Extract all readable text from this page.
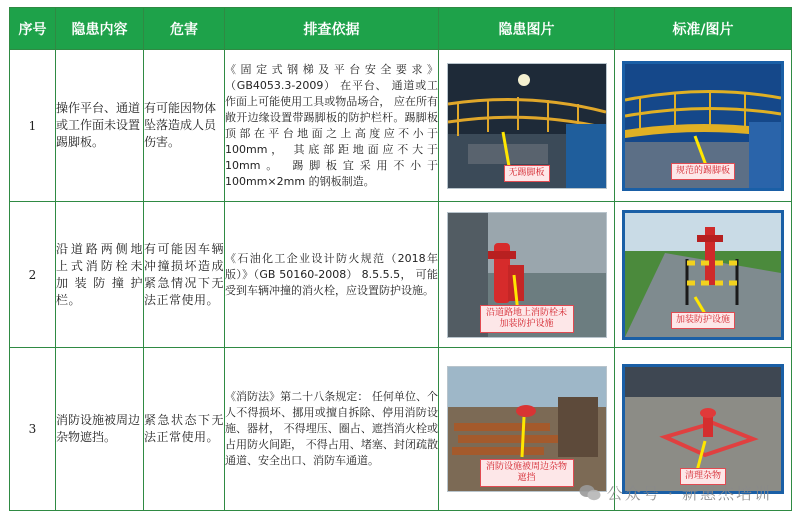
序号	隐患内容	危害	排查依据	隐患图片	标准/图片
1	操作平台、通道或工作面未设置踢脚板。	有可能因物体坠落造成人员伤害。	《固定式钢梯及平台安全要求》（GB4053.3-2009） 在平台、 通道或工作面上可能使用工具或物品场合， 应在所有敞开边缘设置带踢脚板的防护栏杆。踢脚板顶部在平台地面之上高度应不小于100mm， 其底部距地面应不大于10mm。 踢脚板宜采用不小于 100mm×2mm 的钢板制造。	无踢脚板	规范的踢脚板

2	沿道路两侧地上式消防栓未加装防撞护栏。	有可能因车辆冲撞损坏造成紧急情况下无法正常使用。	《石油化工企业设计防火规范（2018年版）》（GB 50160-2008） 8.5.5.5， 可能受到车辆冲撞的消火栓，应设置防护设施。	沿道路地上消防栓未加装防护设施	加装防护设施

3	消防设施被周边杂物遮挡。	紧急状态下无法正常使用。	《消防法》第二十八条规定： 任何单位、个人不得损坏、挪用或擅自拆除、停用消防设施、器材， 不得埋压、圈占、遮挡消火栓或占用防火间距， 不得占用、堵塞、封闭疏散通道、安全出口、消防车通道。	消防设施被周边杂物遮挡	清理杂物
公众号 · 新惠杰培训
